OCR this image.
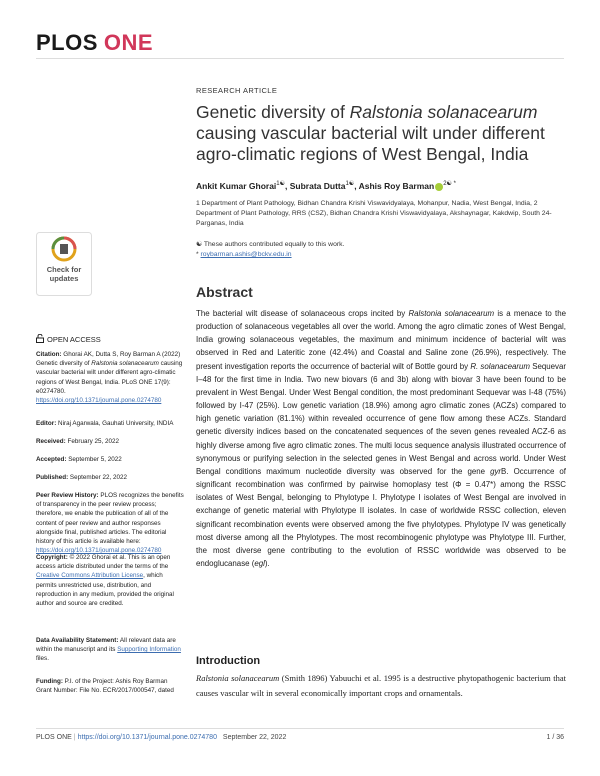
PLOS ONE
Check for
updates
OPEN ACCESS
Citation: Ghorai AK, Dutta S, Roy Barman A (2022) Genetic diversity of Ralstonia solanacearum causing vascular bacterial wilt under different agro-climatic regions of West Bengal, India. PLoS ONE 17(9): e0274780. https://doi.org/10.1371/journal.pone.0274780
Editor: Niraj Agarwala, Gauhati University, INDIA
Received: February 25, 2022
Accepted: September 5, 2022
Published: September 22, 2022
Peer Review History: PLOS recognizes the benefits of transparency in the peer review process; therefore, we enable the publication of all of the content of peer review and author responses alongside final, published articles. The editorial history of this article is available here: https://doi.org/10.1371/journal.pone.0274780
Copyright: © 2022 Ghorai et al. This is an open access article distributed under the terms of the Creative Commons Attribution License, which permits unrestricted use, distribution, and reproduction in any medium, provided the original author and source are credited.
Data Availability Statement: All relevant data are within the manuscript and its Supporting Information files.
Funding: P.I. of the Project: Ashis Roy Barman Grant Number: File No. ECR/2017/000547, dated
RESEARCH ARTICLE
Genetic diversity of Ralstonia solanacearum causing vascular bacterial wilt under different agro-climatic regions of West Bengal, India
Ankit Kumar Ghorai$^{1☯}$, Subrata Dutta$^{1☯}$, Ashis Roy Barman $^{2☯ *}$
1 Department of Plant Pathology, Bidhan Chandra Krishi Viswavidyalaya, Mohanpur, Nadia, West Bengal, India, 2 Department of Plant Pathology, RRS (CSZ), Bidhan Chandra Krishi Viswavidyalaya, Akshaynagar, Kakdwip, South 24-Parganas, India
☯ These authors contributed equally to this work.
* roybarman.ashis@bckv.edu.in
Abstract
The bacterial wilt disease of solanaceous crops incited by Ralstonia solanacearum is a menace to the production of solanaceous vegetables all over the world. Among the agro climatic zones of West Bengal, India growing solanaceous vegetables, the maximum and minimum incidence of bacterial wilt was observed in Red and Lateritic zone (42.4%) and Coastal and Saline zone (26.9%), respectively. The present investigation reports the occurrence of bacterial wilt of Bottle gourd by R. solanacearum Sequevar I–48 for the first time in India. Two new biovars (6 and 3b) along with biovar 3 have been found to be prevalent in West Bengal. Under West Bengal condition, the most predominant Sequevar was I-48 (75%) followed by I-47 (25%). Low genetic variation (18.9%) among agro climatic zones (ACZs) compared to high genetic variation (81.1%) within revealed occurrence of gene flow among these ACZs. Standard genetic diversity indices based on the concatenated sequences of the seven genes revealed ACZ-6 as highly diverse among five agro climatic zones. The multi locus sequence analysis illustrated occurrence of synonymous or purifying selection in the selected genes in West Bengal and across world. Under West Bengal conditions maximum nucleotide diversity was observed for the gene gyrB. Occurrence of significant recombination was confirmed by pairwise homoplasy test (Φ = 0.47*) among the RSSC isolates of West Bengal, belonging to Phylotype I. Phylotype I isolates of West Bengal are involved in exchange of genetic material with Phylotype II isolates. In case of worldwide RSSC collection, eleven significant recombination events were observed among the five phylotypes. Phylotype IV was genetically most diverse among all the Phylotypes. The most recombinogenic phylotype was Phylotype III. Further, the most diverse gene contributing to the evolution of RSSC worldwide was observed to be endoglucanase (egl).
Introduction
Ralstonia solanacearum (Smith 1896) Yabuuchi et al. 1995 is a destructive phytopathogenic bacterium that causes vascular wilt in several economically important crops and ornamentals.
PLOS ONE | https://doi.org/10.1371/journal.pone.0274780 September 22, 2022	1 / 36
